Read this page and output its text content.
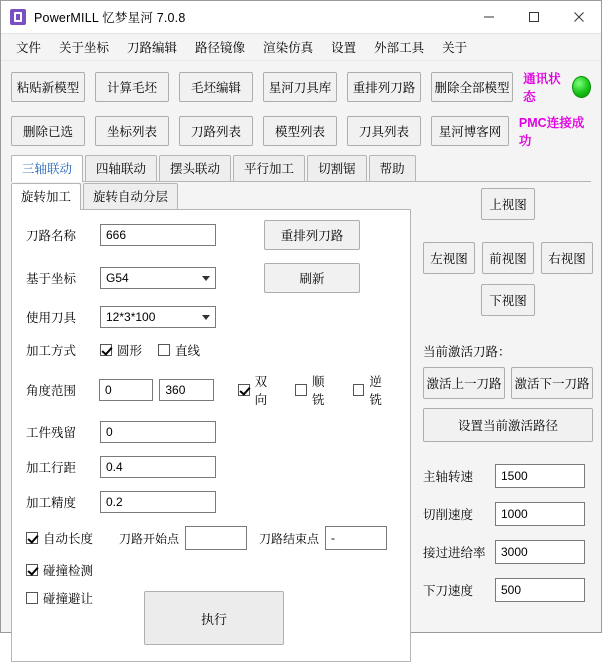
PowerMILL 忆梦星河 7.0.8
文件	关于坐标	刀路编辑	路径镜像	渲染仿真	设置	外部工具	关于
粘贴新模型	计算毛坯	毛坯编辑	星河刀具库	重排列刀路	删除全部模型
通讯状态
删除已选	坐标列表	刀路列表	模型列表	刀具列表	星河博客网
PMC连接成功
三轴联动	四轴联动	摆头联动	平行加工	切割锯	帮助
旋转加工	旋转自动分层
刀路名称	666	重排列刀路
基于坐标	G54	刷新
使用刀具	12*3*100
加工方式	圆形	直线
角度范围	0	360
双向
顺铣
逆铣
工件残留	0
加工行距	0.4
加工精度	0.2
自动长度 刀路开始点	刀路结束点	-
碰撞检测
碰撞避让
执行
上视图
左视图	前视图	右视图
下视图
当前激活刀路：
激活上一刀路 激活下一刀路
设置当前激活路径
主轴转速	1500
切削速度	1000
接过进给率	3000
下刀速度	500
